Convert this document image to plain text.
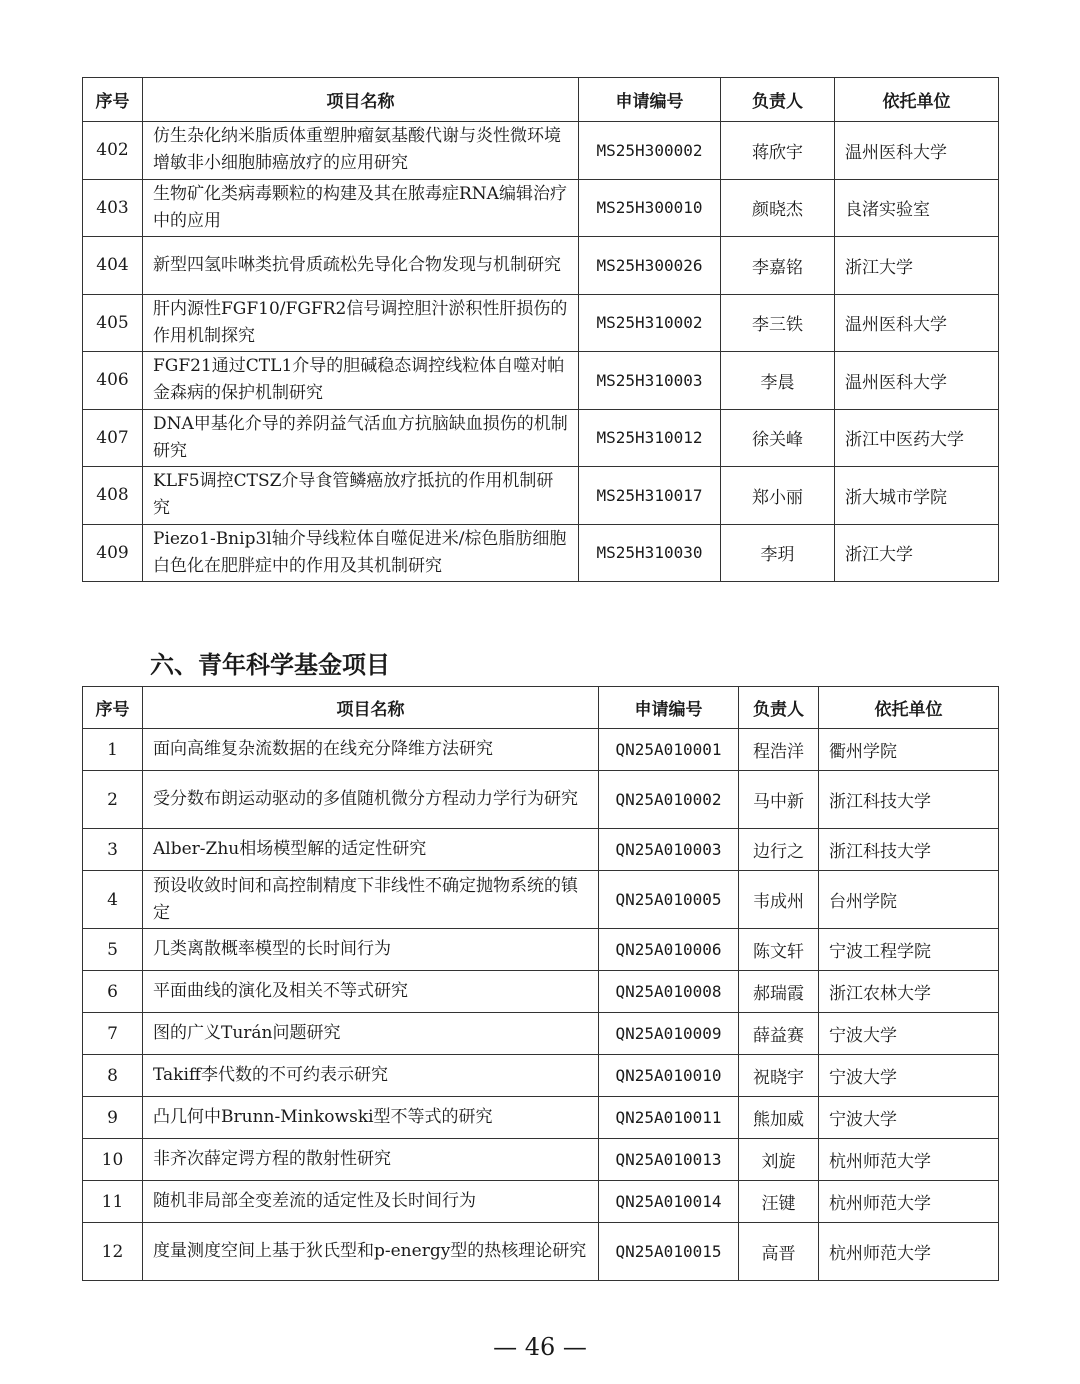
序号	项目名称	申请编号	负责人	依托单位
402	仿生杂化纳米脂质体重塑肿瘤氨基酸代谢与炎性微环境增敏非小细胞肺癌放疗的应用研究	MS25H300002	蒋欣宇	温州医科大学
403	生物矿化类病毒颗粒的构建及其在脓毒症RNA编辑治疗中的应用	MS25H300010	颜晓杰	良渚实验室
404	新型四氢咔啉类抗骨质疏松先导化合物发现与机制研究	MS25H300026	李嘉铭	浙江大学
405	肝内源性FGF10/FGFR2信号调控胆汁淤积性肝损伤的作用机制探究	MS25H310002	李三铁	温州医科大学
406	FGF21通过CTL1介导的胆碱稳态调控线粒体自噬对帕金森病的保护机制研究	MS25H310003	李晨	温州医科大学
407	DNA甲基化介导的养阴益气活血方抗脑缺血损伤的机制研究	MS25H310012	徐关峰	浙江中医药大学
408	KLF5调控CTSZ介导食管鳞癌放疗抵抗的作用机制研究	MS25H310017	郑小丽	浙大城市学院
409	Piezo1-Bnip3l轴介导线粒体自噬促进米/棕色脂肪细胞白色化在肥胖症中的作用及其机制研究	MS25H310030	李玥	浙江大学
六、青年科学基金项目
序号	项目名称	申请编号	负责人	依托单位
1	面向高维复杂流数据的在线充分降维方法研究	QN25A010001	程浩洋	衢州学院
2	受分数布朗运动驱动的多值随机微分方程动力学行为研究	QN25A010002	马中新	浙江科技大学
3	Alber-Zhu相场模型解的适定性研究	QN25A010003	边行之	浙江科技大学
4	预设收敛时间和高控制精度下非线性不确定抛物系统的镇定	QN25A010005	韦成州	台州学院
5	几类离散概率模型的长时间行为	QN25A010006	陈文轩	宁波工程学院
6	平面曲线的演化及相关不等式研究	QN25A010008	郝瑞霞	浙江农林大学
7	图的广义Turán问题研究	QN25A010009	薛益赛	宁波大学
8	Takiff李代数的不可约表示研究	QN25A010010	祝晓宇	宁波大学
9	凸几何中Brunn-Minkowski型不等式的研究	QN25A010011	熊加威	宁波大学
10	非齐次薛定谔方程的散射性研究	QN25A010013	刘旋	杭州师范大学
11	随机非局部全变差流的适定性及长时间行为	QN25A010014	汪键	杭州师范大学
12	度量测度空间上基于狄氏型和p-energy型的热核理论研究	QN25A010015	高晋	杭州师范大学
— 46 —
